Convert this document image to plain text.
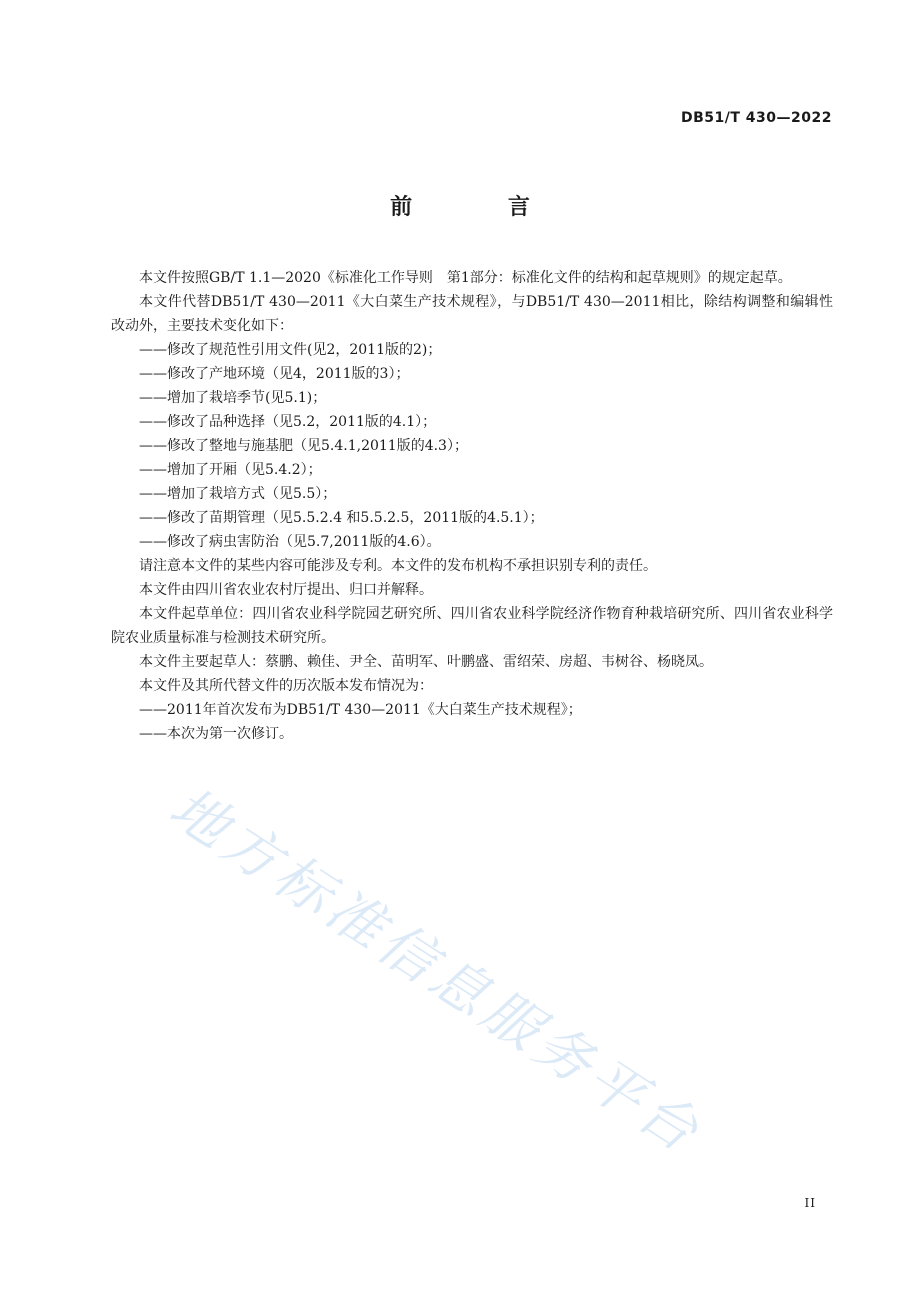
DB51/T 430—2022
前 言

本文件按照GB/T 1.1—2020《标准化工作导则　第1部分：标准化文件的结构和起草规则》的规定起草。

本文件代替DB51/T 430—2011《大白菜生产技术规程》，与DB51/T 430—2011相比，除结构调整和编辑性改动外，主要技术变化如下：

——修改了规范性引用文件(见2，2011版的2)；

——修改了产地环境（见4，2011版的3）；

——增加了栽培季节(见5.1)；

——修改了品种选择（见5.2，2011版的4.1）；

——修改了整地与施基肥（见5.4.1,2011版的4.3）；

——增加了开厢（见5.4.2）；

——增加了栽培方式（见5.5）；

——修改了苗期管理（见5.5.2.4 和5.5.2.5，2011版的4.5.1）；

——修改了病虫害防治（见5.7,2011版的4.6）。

请注意本文件的某些内容可能涉及专利。本文件的发布机构不承担识别专利的责任。

本文件由四川省农业农村厅提出、归口并解释。

本文件起草单位：四川省农业科学院园艺研究所、四川省农业科学院经济作物育种栽培研究所、四川省农业科学院农业质量标准与检测技术研究所。

本文件主要起草人：蔡鹏、赖佳、尹全、苗明军、叶鹏盛、雷绍荣、房超、韦树谷、杨晓凤。

本文件及其所代替文件的历次版本发布情况为：

——2011年首次发布为DB51/T 430—2011《大白菜生产技术规程》；

——本次为第一次修订。

地方标准信息服务平台
II
